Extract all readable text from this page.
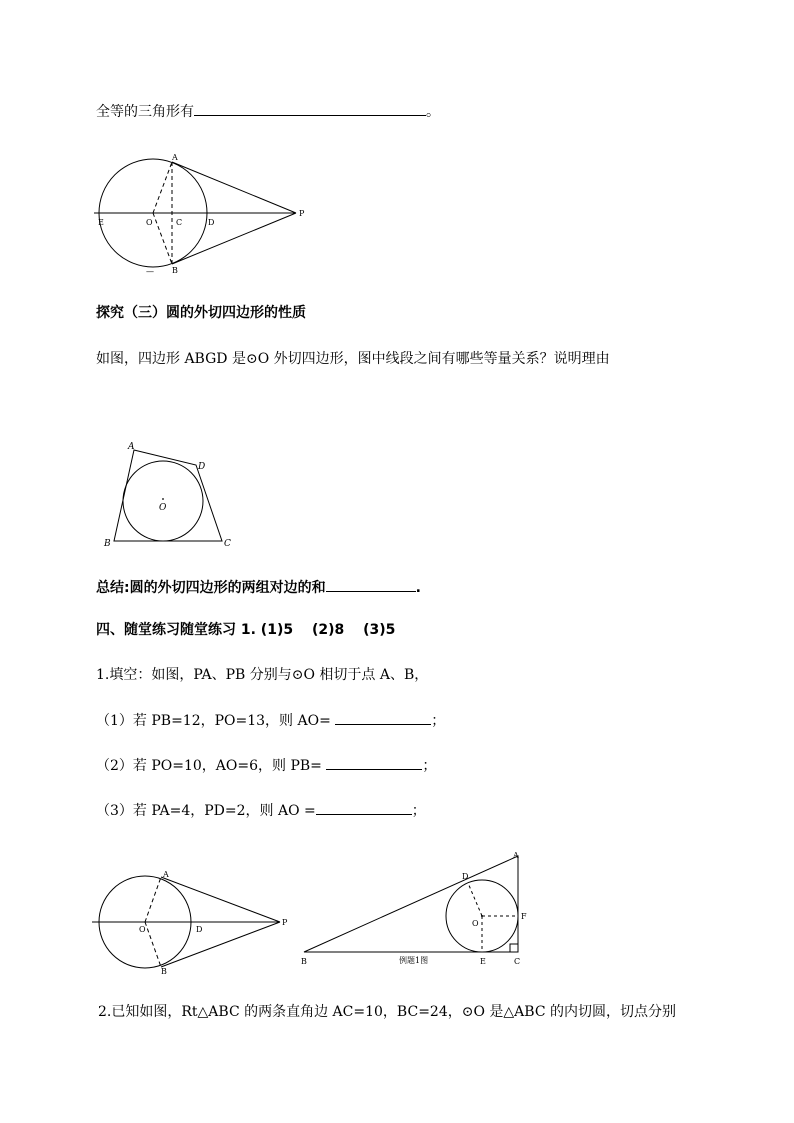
全等的三角形有	。
A
B
C	D
E	O
P
—
探究（三）圆的外切四边形的性质
如图，四边形 ABGD 是⊙O 外切四边形，图中线段之间有哪些等量关系？说明理由
A
B	C
D
O
总结:圆的外切四边形的两组对边的和	.
四、随堂练习随堂练习 1. (1)5　 (2)8　 (3)5
1.填空：如图，PA、PB 分别与⊙O 相切于点 A、B，
（1）若 PB=12，PO=13，则 AO=	；
（2）若 PO=10，AO=6，则 PB=	；
（3）若 PA=4，PD=2，则 AO =	；
A
B
D
O
P
A
B	C
D
E
F
O
例题1图
2.已知如图，Rt△ABC 的两条直角边 AC=10，BC=24，⊙O 是△ABC 的内切圆，切点分别
